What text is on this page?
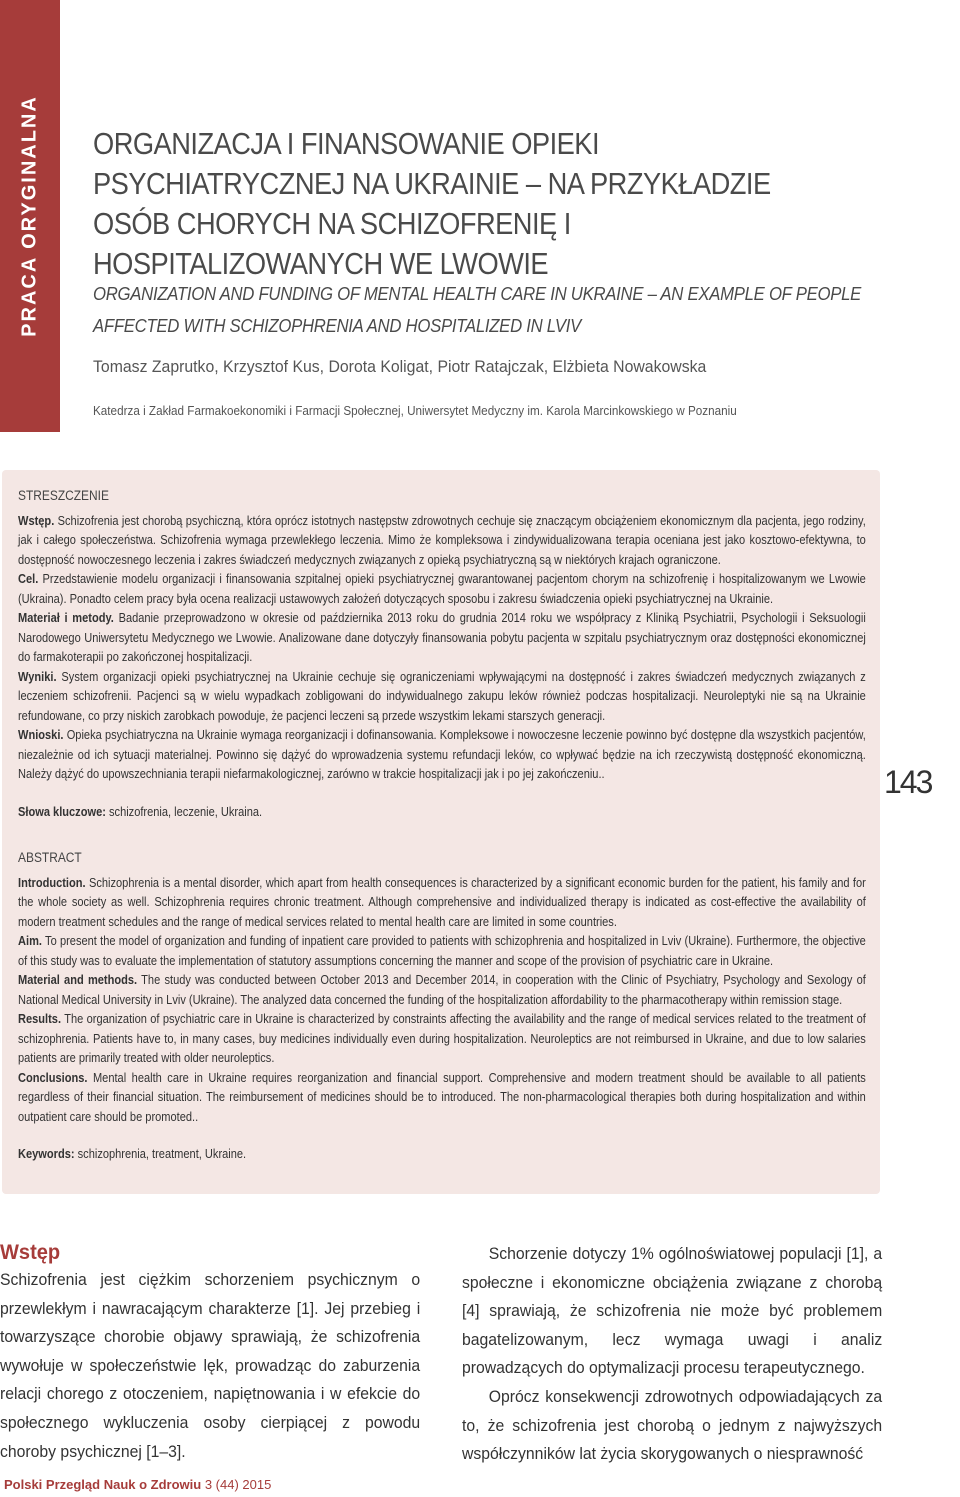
PRACA ORYGINALNA ORGANIZACJA I FINANSOWANIE OPIEKI PSYCHIATRYCZNEJ NA UKRAINIE – NA PRZYKŁADZIE OSÓB CHORYCH NA SCHIZOFRENIĘ I HOSPITALIZOWANYCH WE LWOWIE
ORGANIZATION AND FUNDING OF MENTAL HEALTH CARE IN UKRAINE – AN EXAMPLE OF PEOPLE AFFECTED WITH SCHIZOPHRENIA AND HOSPITALIZED IN LVIV
Tomasz Zaprutko, Krzysztof Kus, Dorota Koligat, Piotr Ratajczak, Elżbieta Nowakowska
Katedrza i Zakład Farmakoekonomiki i Farmacji Społecznej, Uniwersytet Medyczny im. Karola Marcinkowskiego w Poznaniu
STRESZCZENIE

Wstęp. Schizofrenia jest chorobą psychiczną, która oprócz istotnych następstw zdrowotnych cechuje się znaczącym obciążeniem ekonomicznym dla pacjenta, jego rodziny, jak i całego społeczeństwa. Schizofrenia wymaga przewlekłego leczenia. Mimo że kompleksowa i zindywidualizowana terapia oceniana jest jako kosztowo-efektywna, to dostępność nowoczesnego leczenia i zakres świadczeń medycznych związanych z opieką psychiatryczną są w niektórych krajach ograniczone.

Cel. Przedstawienie modelu organizacji i finansowania szpitalnej opieki psychiatrycznej gwarantowanej pacjentom chorym na schizofrenię i hospitalizowanym we Lwowie (Ukraina). Ponadto celem pracy była ocena realizacji ustawowych założeń dotyczących sposobu i zakresu świadczenia opieki psychiatrycznej na Ukrainie.

Materiał i metody. Badanie przeprowadzono w okresie od października 2013 roku do grudnia 2014 roku we współpracy z Kliniką Psychiatrii, Psychologii i Seksuologii Narodowego Uniwersytetu Medycznego we Lwowie. Analizowane dane dotyczyły finansowania pobytu pacjenta w szpitalu psychiatrycznym oraz dostępności ekonomicznej do farmakoterapii po zakończonej hospitalizacji.

Wyniki. System organizacji opieki psychiatrycznej na Ukrainie cechuje się ograniczeniami wpływającymi na dostępność i zakres świadczeń medycznych związanych z leczeniem schizofrenii. Pacjenci są w wielu wypadkach zobligowani do indywidualnego zakupu leków również podczas hospitalizacji. Neuroleptyki nie są na Ukrainie refundowane, co przy niskich zarobkach powoduje, że pacjenci leczeni są przede wszystkim lekami starszych generacji.

Wnioski. Opieka psychiatryczna na Ukrainie wymaga reorganizacji i dofinansowania. Kompleksowe i nowoczesne leczenie powinno być dostępne dla wszystkich pacjentów, niezależnie od ich sytuacji materialnej. Powinno się dążyć do wprowadzenia systemu refundacji leków, co wpływać będzie na ich rzeczywistą dostępność ekonomiczną. Należy dążyć do upowszechniania terapii niefarmakologicznej, zarówno w trakcie hospitalizacji jak i po jej zakończeniu..

Słowa kluczowe: schizofrenia, leczenie, Ukraina.

ABSTRACT

Introduction. Schizophrenia is a mental disorder, which apart from health consequences is characterized by a significant economic burden for the patient, his family and for the whole society as well. Schizophrenia requires chronic treatment. Although comprehensive and individualized therapy is indicated as cost-effective the availability of modern treatment schedules and the range of medical services related to mental health care are limited in some countries.

Aim. To present the model of organization and funding of inpatient care provided to patients with schizophrenia and hospitalized in Lviv (Ukraine). Furthermore, the objective of this study was to evaluate the implementation of statutory assumptions concerning the manner and scope of the provision of psychiatric care in Ukraine.

Material and methods. The study was conducted between October 2013 and December 2014, in cooperation with the Clinic of Psychiatry, Psychology and Sexology of National Medical University in Lviv (Ukraine). The analyzed data concerned the funding of the hospitalization affordability to the pharmacotherapy within remission stage.

Results. The organization of psychiatric care in Ukraine is characterized by constraints affecting the availability and the range of medical services related to the treatment of schizophrenia. Patients have to, in many cases, buy medicines individually even during hospitalization. Neuroleptics are not reimbursed in Ukraine, and due to low salaries patients are primarily treated with older neuroleptics.

Conclusions. Mental health care in Ukraine requires reorganization and financial support. Comprehensive and modern treatment should be available to all patients regardless of their financial situation. The reimbursement of medicines should be to introduced. The non-pharmacological therapies both during hospitalization and within outpatient care should be promoted..

Keywords: schizophrenia, treatment, Ukraine.

143
Wstęp

Schizofrenia jest ciężkim schorzeniem psychicznym o przewlekłym i nawracającym charakterze [1]. Jej przebieg i towarzyszące chorobie objawy sprawiają, że schizofrenia wywołuje w społeczeństwie lęk, prowadząc do zaburzenia relacji chorego z otoczeniem, napiętnowania i w efekcie do społecznego wykluczenia osoby cierpiącej z powodu choroby psychicznej [1–3].

Schorzenie dotyczy 1% ogólnoświatowej populacji [1], a społeczne i ekonomiczne obciążenia związane z chorobą [4] sprawiają, że schizofrenia nie może być problemem bagatelizowanym, lecz wymaga uwagi i analiz prowadzących do optymalizacji procesu terapeutycznego.

Oprócz konsekwencji zdrowotnych odpowiadających za to, że schizofrenia jest chorobą o jednym z najwyższych współczynników lat życia skorygowanych o niesprawność

Polski Przegląd Nauk o Zdrowiu 3 (44) 2015
